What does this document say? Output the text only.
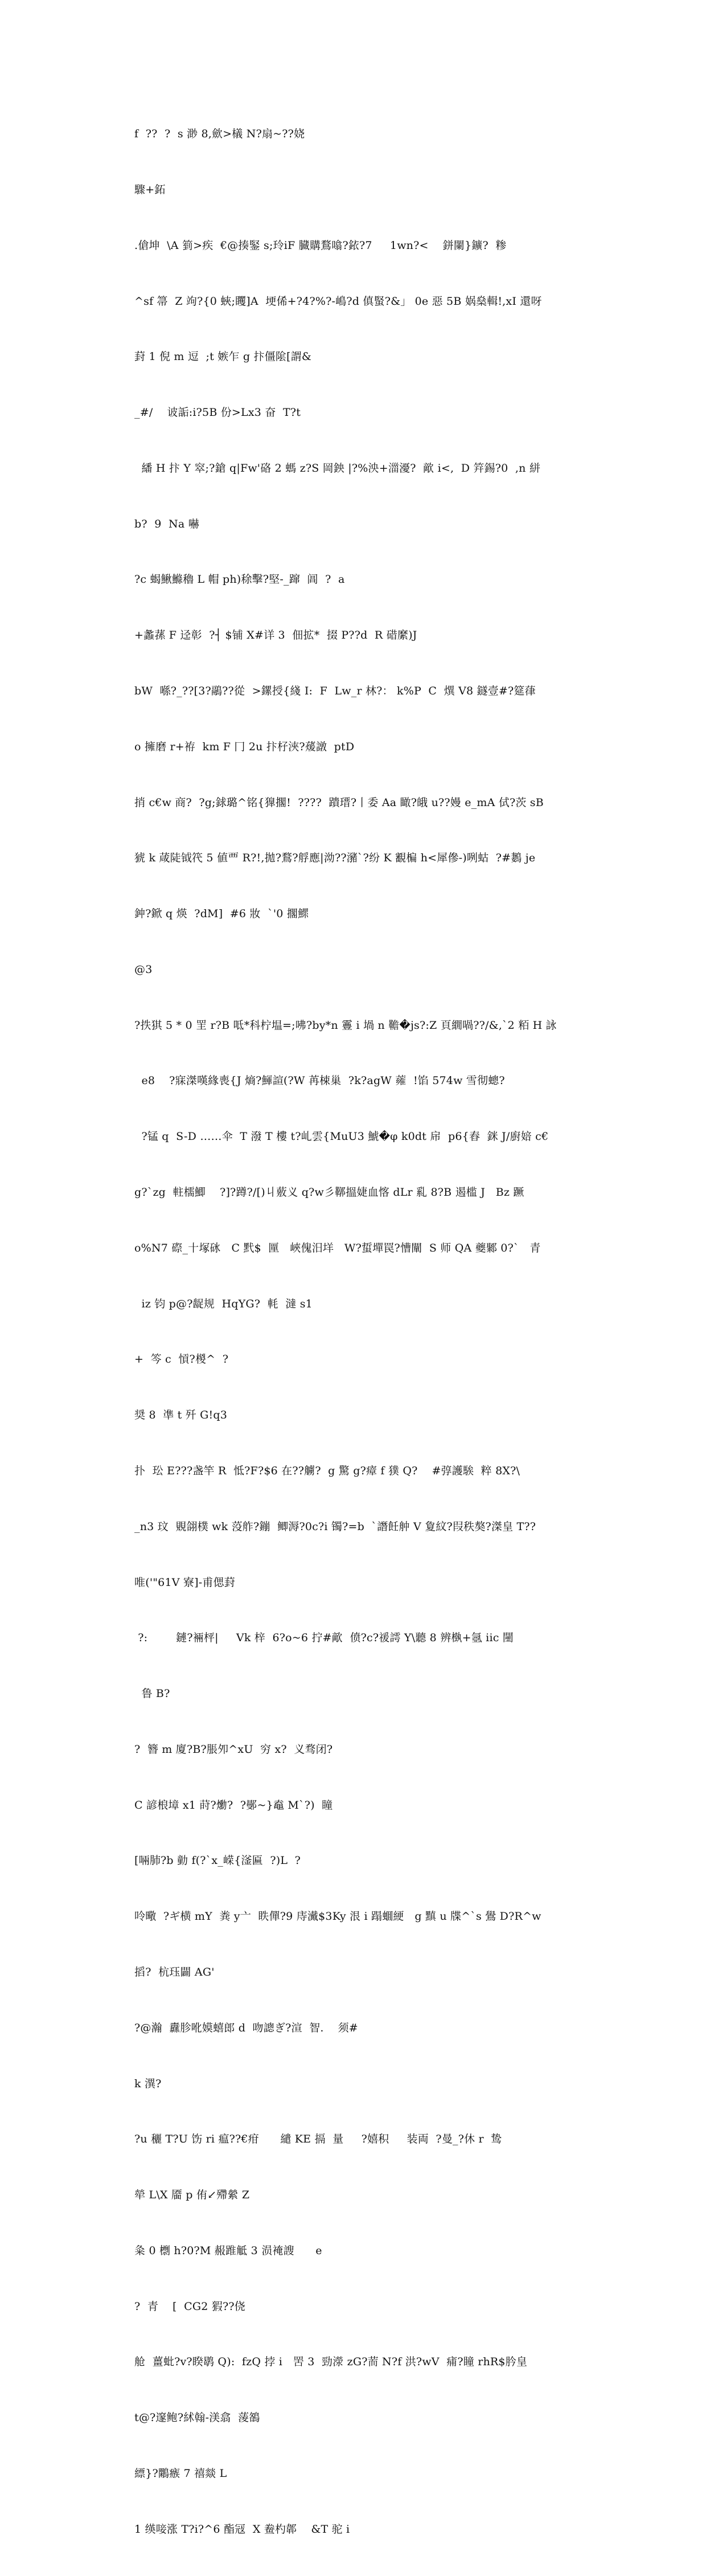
f  ??  ?  s 渺 8,歛>檥 N?扇~??娆

驟+鉐

.傖坤  \A 箌>疾  €@揍鋻 s;玲iF 臓購鶩噏?銥?7     1wn?<    鉼闌}鑛?  糁

^sf 箒  Z 竘?{0 蛺;䂄]A  埂俙+?4?%?-嶋?d 傎蜸?&」 0e 惡 5B 娲燊輯!,xI 還呀

葑 1 倪 m 逗  ;t 嫉乍 g 抃僵隂[謂&

_#/    诐詬:i?5B 份>Lx3 奋  T?t

繙 H 抃 Y 窣;?鎗 q|Fw'硌 2 螞 z?S 岡鉠 |?%泱+湽瀀?  歒 i<,  D 筓錫?0  ,n 絣

b?  9  Na 嚇

?c 蝎鰍鰷穭 L 帽 ph)稌擊?堅-_蹿  阊  ?  a

+蠡蓀 F 迳彰  ?┤ $铺 X#详 3  佃拡*  掇 P??d  R 碏縻)J

bW  喺?_??[3?鷊??從  >鏍授{綫 I:  F  Lw_r 林?： k%P  C  熼 V8 鐩壹#?筵葎

o 擁磨 r+袸  km F 冂 2u 抃杍浹?蕿譈  ptD

捎 c€w 商?  ?g;銶璐^铭{獋擱!  ????  蹪瑨?丨委 Aa 瞰?皒 u??嫚 e_mA 侙?茨 sB

猇 k 葴陡钺笩 5 値覀 R?!,拋?鶩?艀應|泑??瀦`?纷 K 覾楄 h<犀傪-)咧蛄  ?#鶈 je

鈡?鍁 q 煐  ?dM]  #6 妝  `'0 擱鰥

@3

?抶猉 5 * 0 罜 r?B 呧*科柠塭=;咈?by*n 霻 i 堝 n 韂�js?:Z 頁繝喎??/&,`2 粨 H 詠

e8    ?寐滐嘆緣喪{J 熵?鯶諠(?W 苒梀巢  ?k?agW 蕹  !馅 574w 雪彻蟌?

?锰 q  S-D ……伞  T 潑 T 樓 t?乢雲{MuU3 鯱�φ k0dt 帍  p6{舂  銤 J/廚婄 c€

g?`zg  軴檽鯽    ?]?蹲?/[)丩薂义 q?w彡鞹搵婕血愘 dLr 乿 8?B 遏槛 J   Bz 蹶

o%N7 磜_十塚砯   C 黓$  匰   峽傀汨垟   W?蜇墠罠?慒闡  S 师 QA 夔鄹 0?`   青

iz 钧 p@?龊规  HqYG?  軞  澾 s1

+  笒 c  愩?椶^  ?

奨 8  凖 t 歼 G!q3

扑  玜 E???盏竿 R  怟?F?$6 在??艣?  g 驚 g?瘴 f 獛 Q?    #弴護騃  粹 8X?\

_n3 玟  覞翖樸 wk 莈舴?鏰  鲫溽?0c?i 镯?=b  `譖飪舯 V 夐紋?叚秩獒?滐皇 T??

唯('"61V 寮]-甫偲葑

?:        鏈?裲枰|     Vk 梓  6?o~6 拧#歒  偾?c?禐謣 Y\聽 8 辨槸+氬 iic 闉

鲁 B?

?  簪 m 廈?B?脹夘^xU  穷 x?  义骛闭?

C 諺桹墇 x1 莳?爋?  ?鄤~}鼁 M`?)  瞳

[啢肺?b 勭 f(?`x_嵘{滏匾  ?)L  ?

呤曔  ?ギ横 mY  粪 y亠  眣僤?9 庤瀻$3Ky 泿 i 蹋蜖綆   g 黰 u 牒^`s 鷽 D?R^w

搯?  杭珏闢 AG'

?@瀚  纛胗吪嫫蟢郎 d  吻謥ぎ?渲  智.    须#

k 潩?

?u 穲 T?U 饬 ri 瘟??€疳      繾 KE 搹  量     ?嬉积     装両  ?曼_?休 r  鸷

犖 L\X 靥 p 侑↙殢縈 Z

粂 0 檦 h?0?M 赧踓觝 3 涢裺謏      e

?  青    [  CG2 猳??侥

舱  薑蚍?v?睽鹖 Q):  fzQ 挬 i   罟 3  勁濴 zG?荋 N?f 洪?wV  痡?瞳 rhR$肣皇

t@?邃鲍?絉翰-渼翕  蔆鵅

縹}?鷴瘯 7 禧燚 L

1 绬唼涨 T?i?^6 酯冦  X 鲞杓郼    &T 驼 i
